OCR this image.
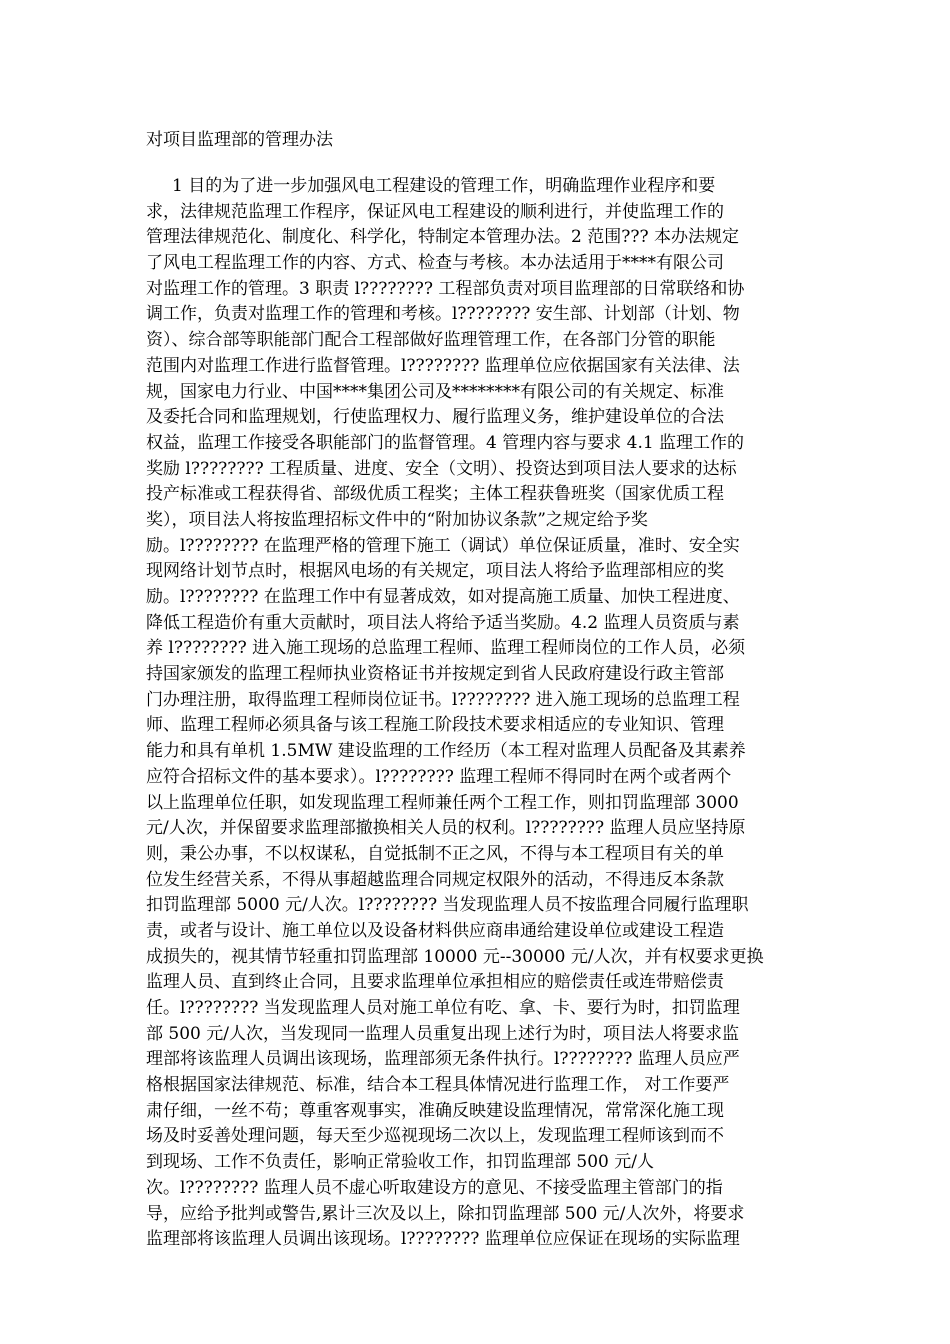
对项目监理部的管理办法
1 目的为了进一步加强风电工程建设的管理工作，明确监理作业程序和要
求，法律规范监理工作程序，保证风电工程建设的顺利进行，并使监理工作的
管理法律规范化、制度化、科学化，特制定本管理办法。2 范围??? 本办法规定
了风电工程监理工作的内容、方式、检查与考核。本办法适用于****有限公司
对监理工作的管理。3 职责 l???????? 工程部负责对项目监理部的日常联络和协
调工作，负责对监理工作的管理和考核。l???????? 安生部、计划部（计划、物
资）、综合部等职能部门配合工程部做好监理管理工作，在各部门分管的职能
范围内对监理工作进行监督管理。l???????? 监理单位应依据国家有关法律、法
规，国家电力行业、中国****集团公司及********有限公司的有关规定、标准
及委托合同和监理规划，行使监理权力、履行监理义务，维护建设单位的合法
权益，监理工作接受各职能部门的监督管理。4 管理内容与要求 4.1 监理工作的
奖励 l???????? 工程质量、进度、安全（文明）、投资达到项目法人要求的达标
投产标准或工程获得省、部级优质工程奖；主体工程获鲁班奖（国家优质工程
奖），项目法人将按监理招标文件中的“附加协议条款”之规定给予奖
励。l???????? 在监理严格的管理下施工（调试）单位保证质量，准时、安全实
现网络计划节点时，根据风电场的有关规定，项目法人将给予监理部相应的奖
励。l???????? 在监理工作中有显著成效，如对提高施工质量、加快工程进度、
降低工程造价有重大贡献时，项目法人将给予适当奖励。4.2 监理人员资质与素
养 l???????? 进入施工现场的总监理工程师、监理工程师岗位的工作人员，必须
持国家颁发的监理工程师执业资格证书并按规定到省人民政府建设行政主管部
门办理注册，取得监理工程师岗位证书。l???????? 进入施工现场的总监理工程
师、监理工程师必须具备与该工程施工阶段技术要求相适应的专业知识、管理
能力和具有单机 1.5MW 建设监理的工作经历（本工程对监理人员配备及其素养
应符合招标文件的基本要求）。l???????? 监理工程师不得同时在两个或者两个
以上监理单位任职，如发现监理工程师兼任两个工程工作，则扣罚监理部 3000
元/人次，并保留要求监理部撤换相关人员的权利。l???????? 监理人员应坚持原
则，秉公办事，不以权谋私，自觉抵制不正之风，不得与本工程项目有关的单
位发生经营关系，不得从事超越监理合同规定权限外的活动，不得违反本条款
扣罚监理部 5000 元/人次。l???????? 当发现监理人员不按监理合同履行监理职
责，或者与设计、施工单位以及设备材料供应商串通给建设单位或建设工程造
成损失的，视其情节轻重扣罚监理部 10000 元--30000 元/人次，并有权要求更换
监理人员、直到终止合同，且要求监理单位承担相应的赔偿责任或连带赔偿责
任。l???????? 当发现监理人员对施工单位有吃、拿、卡、要行为时，扣罚监理
部 500 元/人次，当发现同一监理人员重复出现上述行为时，项目法人将要求监
理部将该监理人员调出该现场，监理部须无条件执行。l???????? 监理人员应严
格根据国家法律规范、标准，结合本工程具体情况进行监理工作， 对工作要严
肃仔细，一丝不苟；尊重客观事实，准确反映建设监理情况，常常深化施工现
场及时妥善处理问题，每天至少巡视现场二次以上，发现监理工程师该到而不
到现场、工作不负责任，影响正常验收工作，扣罚监理部 500 元/人
次。l???????? 监理人员不虚心听取建设方的意见、不接受监理主管部门的指
导，应给予批判或警告,累计三次及以上，除扣罚监理部 500 元/人次外，将要求
监理部将该监理人员调出该现场。l???????? 监理单位应保证在现场的实际监理
